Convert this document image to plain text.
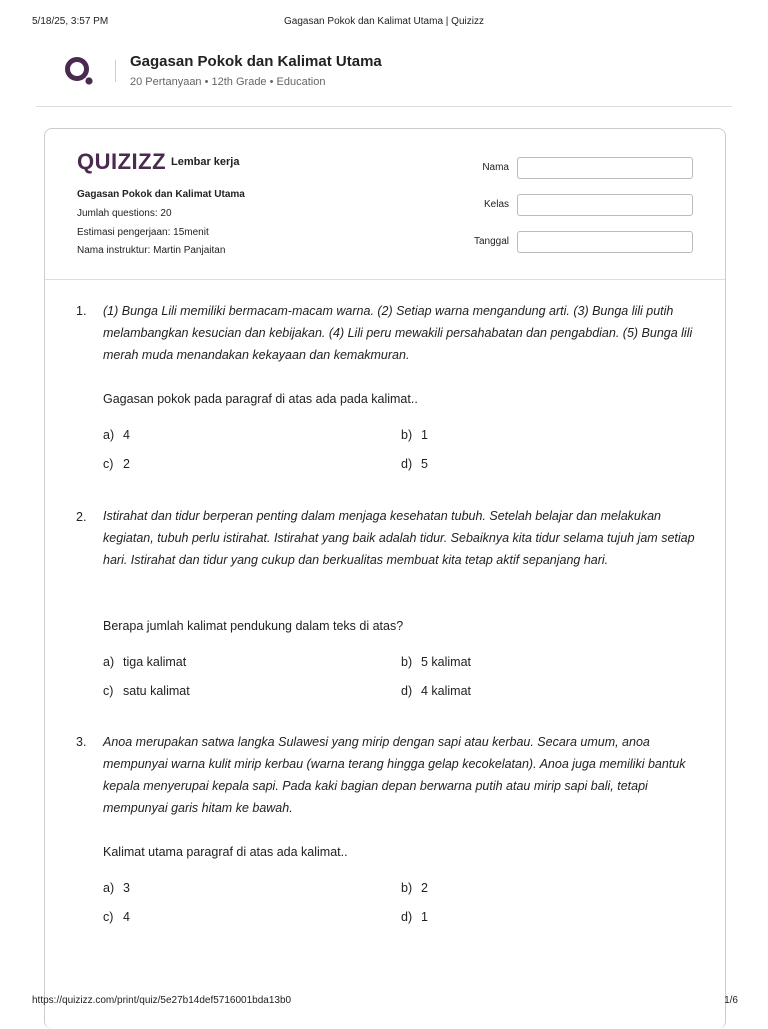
5/18/25, 3:57 PM	Gagasan Pokok dan Kalimat Utama | Quizizz
Gagasan Pokok dan Kalimat Utama
20 Pertanyaan • 12th Grade • Education
QUIZIZZ Lembar kerja
Gagasan Pokok dan Kalimat Utama
Jumlah questions: 20
Estimasi pengerjaan: 15menit
Nama instruktur: Martin Panjaitan
Nama
Kelas
Tanggal
1. (1) Bunga Lili memiliki bermacam-macam warna. (2) Setiap warna mengandung arti. (3) Bunga lili putih melambangkan kesucian dan kebijakan. (4) Lili peru mewakili persahabatan dan pengabdian. (5) Bunga lili merah muda menandakan kekayaan dan kemakmuran.
Gagasan pokok pada paragraf di atas ada pada kalimat..
a) 4	b) 1
c) 2	d) 5
2. Istirahat dan tidur berperan penting dalam menjaga kesehatan tubuh. Setelah belajar dan melakukan kegiatan, tubuh perlu istirahat. Istirahat yang baik adalah tidur. Sebaiknya kita tidur selama tujuh jam setiap hari. Istirahat dan tidur yang cukup dan berkualitas membuat kita tetap aktif sepanjang hari.
Berapa jumlah kalimat pendukung dalam teks di atas?
a) tiga kalimat	b) 5 kalimat
c) satu kalimat	d) 4 kalimat
3. Anoa merupakan satwa langka Sulawesi yang mirip dengan sapi atau kerbau. Secara umum, anoa mempunyai warna kulit mirip kerbau (warna terang hingga gelap kecokelatan). Anoa juga memiliki bantuk kepala menyerupai kepala sapi. Pada kaki bagian depan berwarna putih atau mirip sapi bali, tetapi mempunyai garis hitam ke bawah.
Kalimat utama paragraf di atas ada kalimat..
a) 3	b) 2
c) 4	d) 1
https://quizizz.com/print/quiz/5e27b14def5716001bda13b0	1/6
